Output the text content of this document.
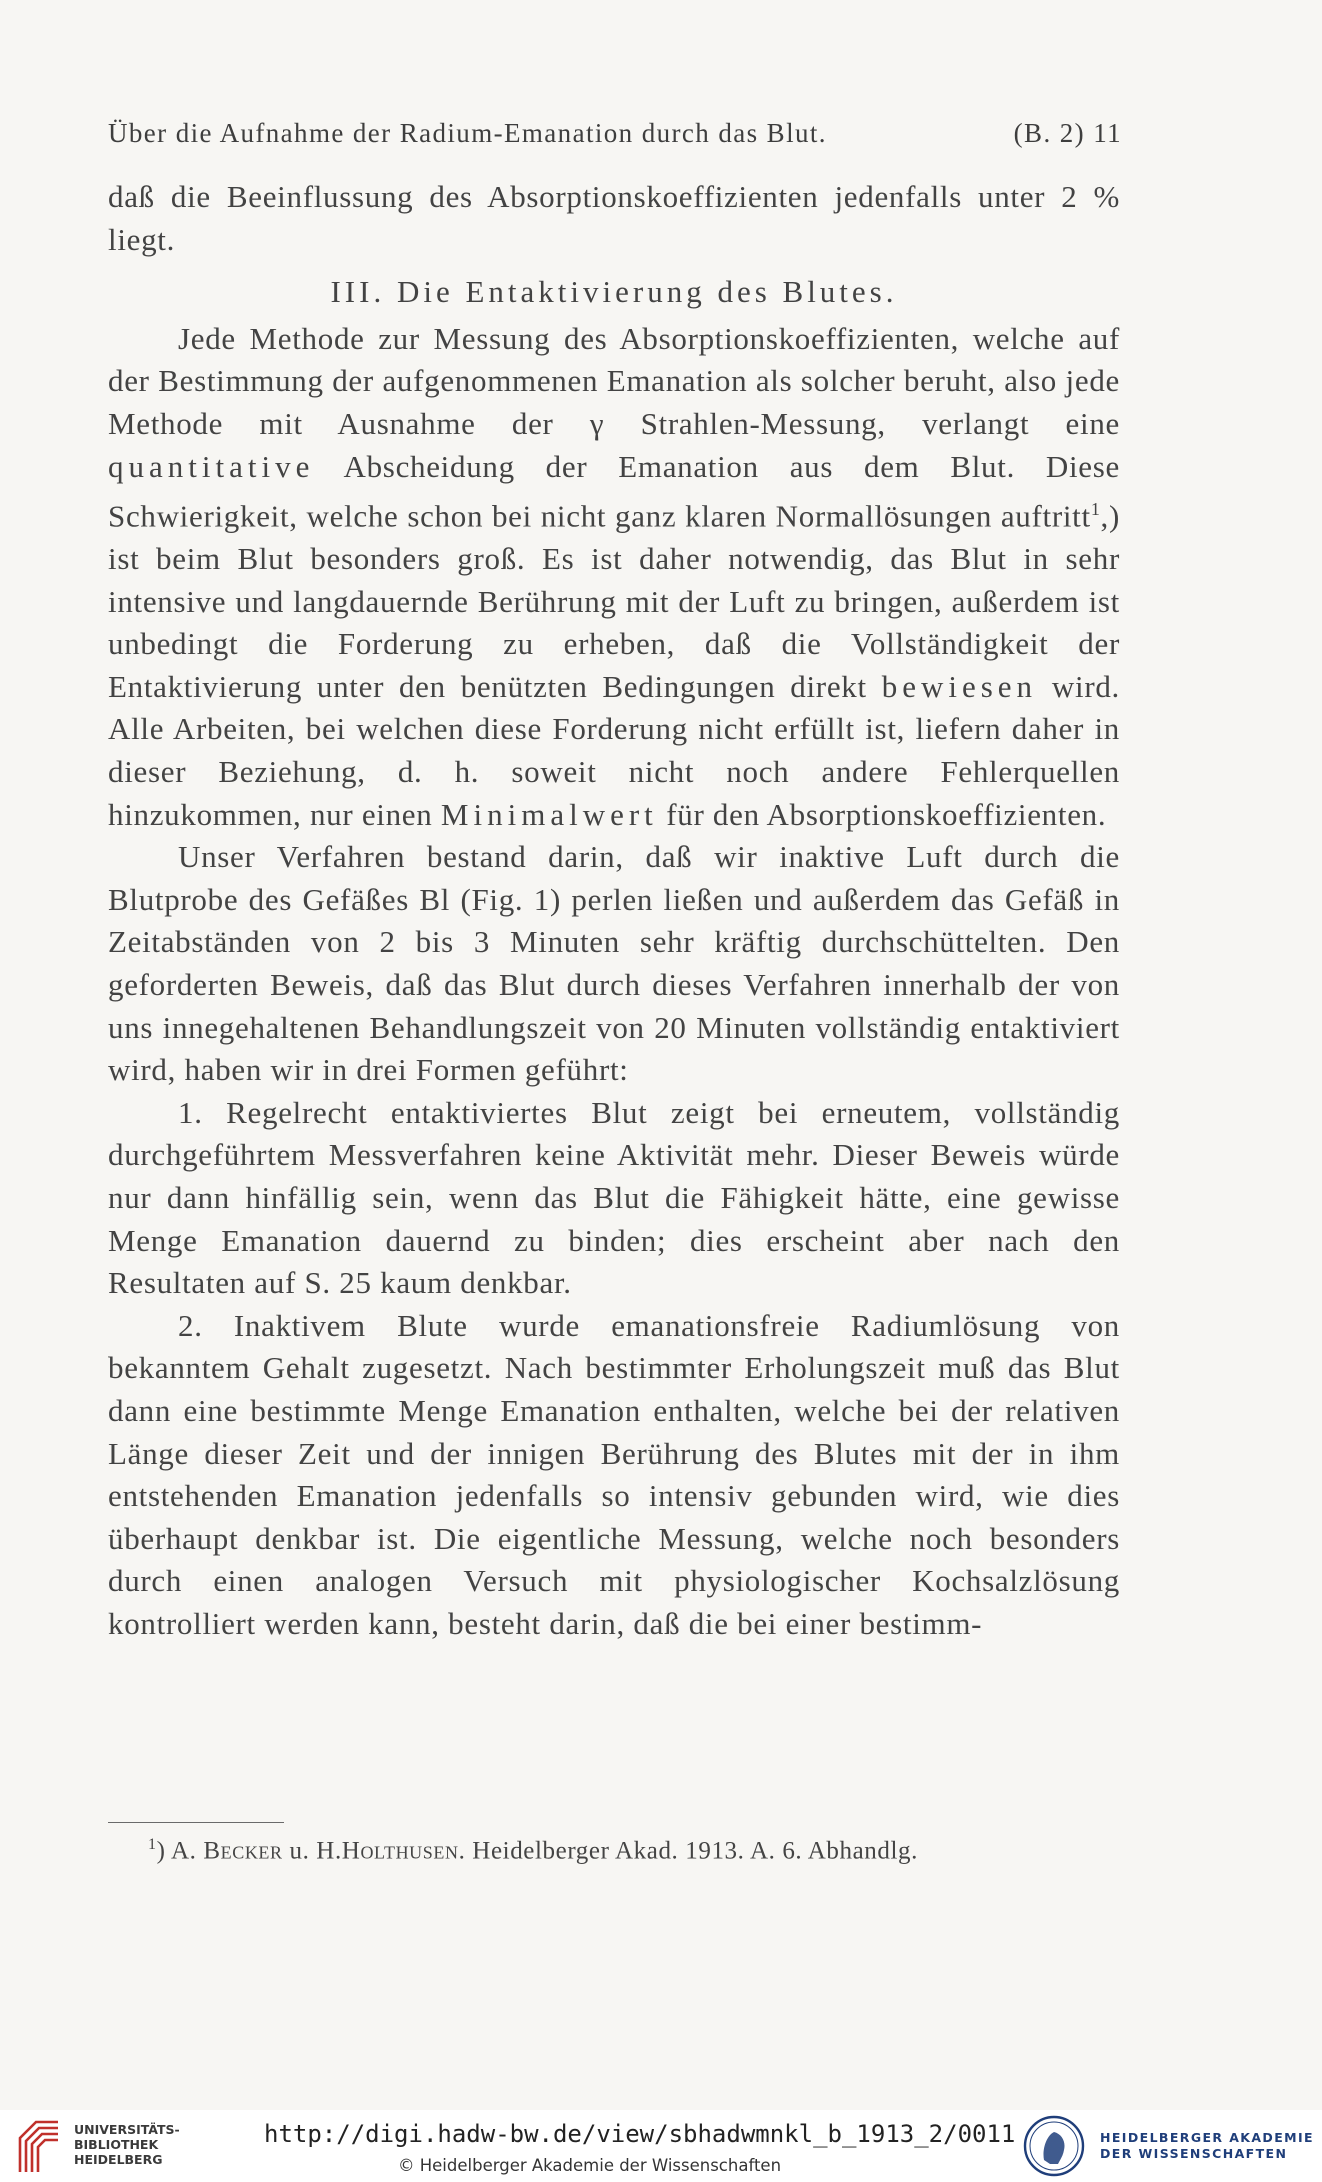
Über die Aufnahme der Radium-Emanation durch das Blut.	(B. 2) 11

daß die Beeinflussung des Absorptionskoeffizienten jedenfalls unter 2 % liegt.

III. Die Entaktivierung des Blutes.

Jede Methode zur Messung des Absorptionskoeffizienten, welche auf der Bestimmung der aufgenommenen Emanation als solcher beruht, also jede Methode mit Ausnahme der γ Strahlen-Messung, verlangt eine quantitative Abscheidung der Emanation aus dem Blut. Diese Schwierigkeit, welche schon bei nicht ganz klaren Normallösungen auftritt$^1$,) ist beim Blut besonders groß. Es ist daher notwendig, das Blut in sehr intensive und langdauernde Berührung mit der Luft zu bringen, außerdem ist unbedingt die Forderung zu erheben, daß die Vollständigkeit der Entaktivierung unter den benützten Bedingungen direkt bewiesen wird. Alle Arbeiten, bei welchen diese Forderung nicht erfüllt ist, liefern daher in dieser Beziehung, d. h. soweit nicht noch andere Fehlerquellen hinzukommen, nur einen Minimalwert für den Absorptionskoeffizienten.

Unser Verfahren bestand darin, daß wir inaktive Luft durch die Blutprobe des Gefäßes Bl (Fig. 1) perlen ließen und außerdem das Gefäß in Zeitabständen von 2 bis 3 Minuten sehr kräftig durchschüttelten. Den geforderten Beweis, daß das Blut durch dieses Verfahren innerhalb der von uns innegehaltenen Behandlungszeit von 20 Minuten vollständig entaktiviert wird, haben wir in drei Formen geführt:

1. Regelrecht entaktiviertes Blut zeigt bei erneutem, vollständig durchgeführtem Messverfahren keine Aktivität mehr. Dieser Beweis würde nur dann hinfällig sein, wenn das Blut die Fähigkeit hätte, eine gewisse Menge Emanation dauernd zu binden; dies erscheint aber nach den Resultaten auf S. 25 kaum denkbar.

2. Inaktivem Blute wurde emanationsfreie Radiumlösung von bekanntem Gehalt zugesetzt. Nach bestimmter Erholungszeit muß das Blut dann eine bestimmte Menge Emanation enthalten, welche bei der relativen Länge dieser Zeit und der innigen Berührung des Blutes mit der in ihm entstehenden Emanation jedenfalls so intensiv gebunden wird, wie dies überhaupt denkbar ist. Die eigentliche Messung, welche noch besonders durch einen analogen Versuch mit physiologischer Kochsalzlösung kontrolliert werden kann, besteht darin, daß die bei einer bestimm-

$^1$) A. Becker u. H.Holthusen. Heidelberger Akad. 1913. A. 6. Abhandlg.
UNIVERSITÄTS-
BIBLIOTHEK
HEIDELBERG
http://digi.hadw-bw.de/view/sbhadwmnkl_b_1913_2/0011
© Heidelberger Akademie der Wissenschaften
HEIDELBERGER AKADEMIE
DER WISSENSCHAFTEN
